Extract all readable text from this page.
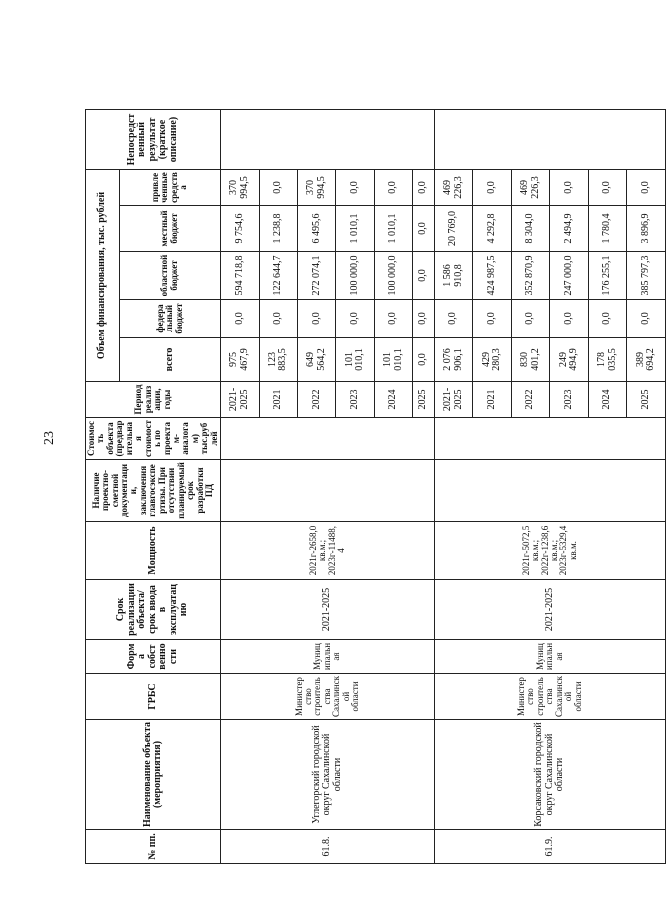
23
№ пп.	Наименование объекта (мероприятия)	ГРБС	Форма собственности	Срок реализации объекта/срок ввода в эксплуатацию	Мощность	Наличие проектно-сметной документации, заключения главгосэкспертизы. При отсутствии планируемый срок разработки ПД	Стоимость объекта (предварительная стоимость по проектам-аналогам) тыс.руб лей	Период реализации, годы	Объем финансирования, тыс. рублей					Непосредственный результат (краткое описание)
									всего	федеральный бюджет	областной бюджет	местный бюджет	привлеченные средства	
61.8.	Углегорский городской округ Сахалинской области	Министерство строительства Сахалинской области	Муниципальная	2021-2025	2021г-2658,0 кв.м.; 2023г-11488,4			2021-2025	975 467,9	0,0	594 718,8	9 754,6	370 994,5	
								2021	123 883,5	0,0	122 644,7	1 238,8	0,0	
								2022	649 564,2	0,0	272 074,1	6 495,6	370 994,5	
								2023	101 010,1	0,0	100 000,0	1 010,1	0,0	
								2024	101 010,1	0,0	100 000,0	1 010,1	0,0	
								2025	0,0	0,0	0,0	0,0	0,0	
61.9.	Корсаковский городской округ Сахалинской области	Министерство строительства Сахалинской области	Муниципальная	2021-2025	2021г-5072,5 кв.м.; 2022г-1238,6 кв.м.; 2023г-5329,4 кв.м.			2021-2025	2 076 906,1	0,0	1 586 910,8	20 769,0	469 226,3	
								2021	429 280,3	0,0	424 987,5	4 292,8	0,0	
								2022	830 401,2	0,0	352 870,9	8 304,0	469 226,3	
								2023	249 494,9	0,0	247 000,0	2 494,9	0,0	
								2024	178 035,5	0,0	176 255,1	1 780,4	0,0	
								2025	389 694,2	0,0	385 797,3	3 896,9	0,0	
